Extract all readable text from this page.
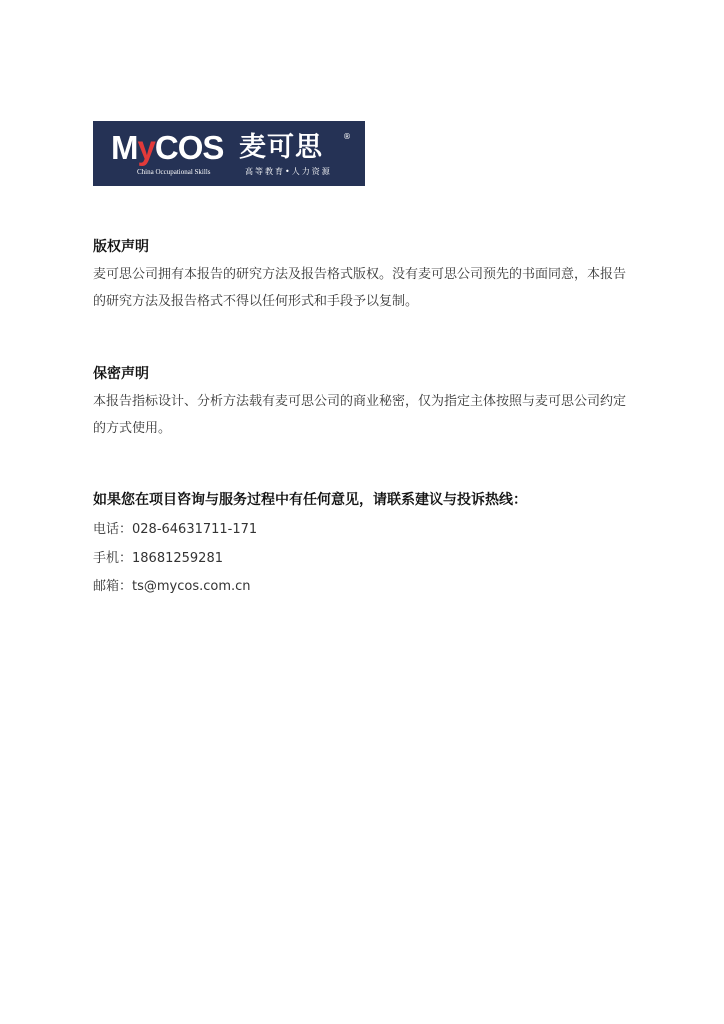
MyCOS 麦可思	®
China Occupational Skills	高等教育•人力资源

版权声明

麦可思公司拥有本报告的研究方法及报告格式版权。没有麦可思公司预先的书面同意，本报告的研究方法及报告格式不得以任何形式和手段予以复制。

保密声明

本报告指标设计、分析方法载有麦可思公司的商业秘密，仅为指定主体按照与麦可思公司约定的方式使用。

如果您在项目咨询与服务过程中有任何意见，请联系建议与投诉热线：

电话：028-64631711-171
手机：18681259281
邮箱：ts@mycos.com.cn
